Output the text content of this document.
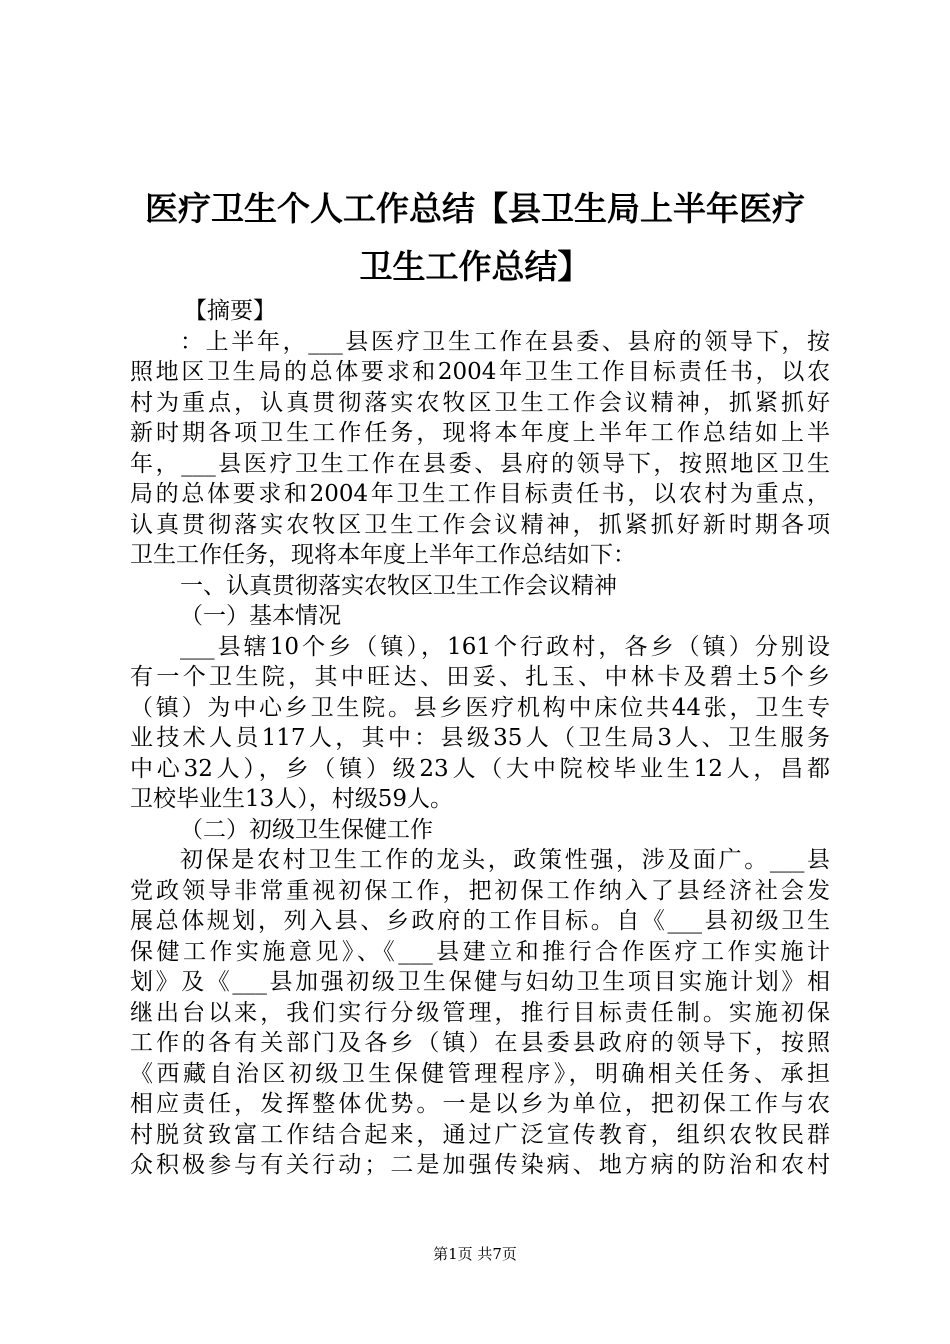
医疗卫生个人工作总结【县卫生局上半年医疗
卫生工作总结】
【摘要】
：上半年，___县医疗卫生工作在县委、县府的领导下，按
照地区卫生局的总体要求和2004年卫生工作目标责任书，以农
村为重点，认真贯彻落实农牧区卫生工作会议精神，抓紧抓好
新时期各项卫生工作任务，现将本年度上半年工作总结如上半
年，___县医疗卫生工作在县委、县府的领导下，按照地区卫生
局的总体要求和2004年卫生工作目标责任书，以农村为重点，
认真贯彻落实农牧区卫生工作会议精神，抓紧抓好新时期各项
卫生工作任务，现将本年度上半年工作总结如下：
一、认真贯彻落实农牧区卫生工作会议精神
（一）基本情况
___县辖10个乡（镇），161个行政村，各乡（镇）分别设
有一个卫生院，其中旺达、田妥、扎玉、中林卡及碧土5个乡
（镇）为中心乡卫生院。县乡医疗机构中床位共44张，卫生专
业技术人员117人，其中：县级35人（卫生局3人、卫生服务
中心32人），乡（镇）级23人（大中院校毕业生12人，昌都
卫校毕业生13人），村级59人。
（二）初级卫生保健工作
初保是农村卫生工作的龙头，政策性强，涉及面广。___县
党政领导非常重视初保工作，把初保工作纳入了县经济社会发
展总体规划，列入县、乡政府的工作目标。自《___县初级卫生
保健工作实施意见》、《___县建立和推行合作医疗工作实施计
划》及《___县加强初级卫生保健与妇幼卫生项目实施计划》相
继出台以来，我们实行分级管理，推行目标责任制。实施初保
工作的各有关部门及各乡（镇）在县委县政府的领导下，按照
《西藏自治区初级卫生保健管理程序》，明确相关任务、承担
相应责任，发挥整体优势。一是以乡为单位，把初保工作与农
村脱贫致富工作结合起来，通过广泛宣传教育，组织农牧民群
众积极参与有关行动；二是加强传染病、地方病的防治和农村
第1页 共7页
